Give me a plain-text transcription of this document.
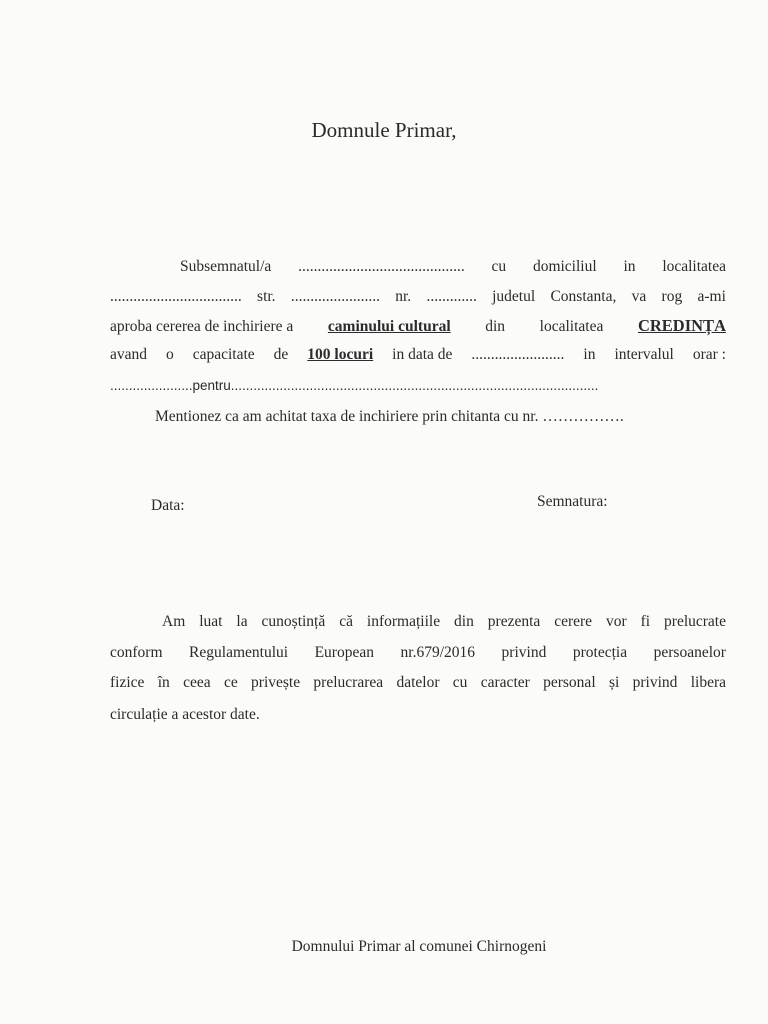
Domnule Primar,
Subsemnatul/a ........................................... cu domiciliul in localitatea
.................................. str. ....................... nr. ............. judetul Constanta, va rog a-mi
aproba cererea de inchiriere a caminului cultural din localitatea CREDINȚA
avand o capacitate de 100 locuri in data de ........................ in intervalul orar :
......................pentru..................................................................................................
Mentionez ca am achitat taxa de inchiriere prin chitanta cu nr. …………….
Data:	Semnatura:
Am luat la cunoștință că informațiile din prezenta cerere vor fi prelucrate
conform Regulamentului European nr.679/2016 privind protecția persoanelor
fizice în ceea ce privește prelucrarea datelor cu caracter personal și privind libera
circulație a acestor date.
Domnului Primar al comunei Chirnogeni
